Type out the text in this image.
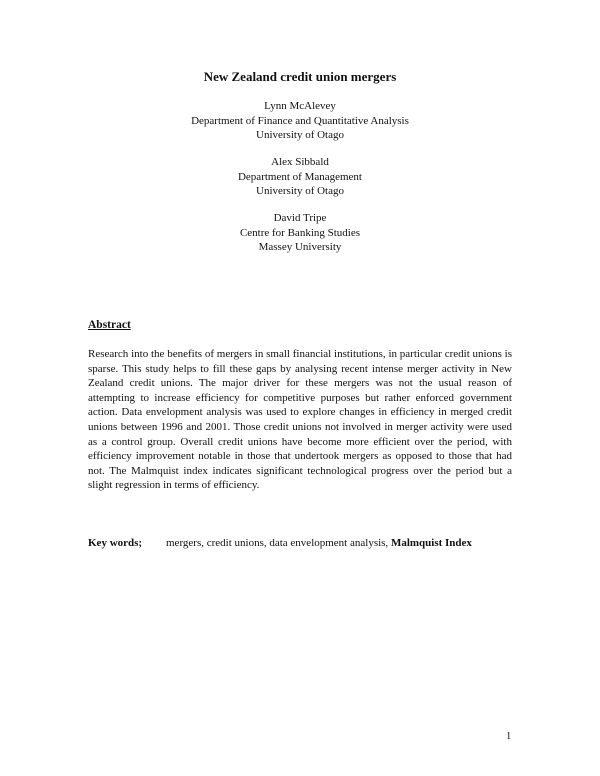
New Zealand credit union mergers
Lynn McAlevey
Department of Finance and Quantitative Analysis
University of Otago
Alex Sibbald
Department of Management
University of Otago
David Tripe
Centre for Banking Studies
Massey University
Abstract
Research into the benefits of mergers in small financial institutions, in particular credit unions is sparse. This study helps to fill these gaps by analysing recent intense merger activity in New Zealand credit unions. The major driver for these mergers was not the usual reason of attempting to increase efficiency for competitive purposes but rather enforced government action. Data envelopment analysis was used to explore changes in efficiency in merged credit unions between 1996 and 2001. Those credit unions not involved in merger activity were used as a control group. Overall credit unions have become more efficient over the period, with efficiency improvement notable in those that undertook mergers as opposed to those that had not. The Malmquist index indicates significant technological progress over the period but a slight regression in terms of efficiency.
Key words; mergers, credit unions, data envelopment analysis, Malmquist Index
1
